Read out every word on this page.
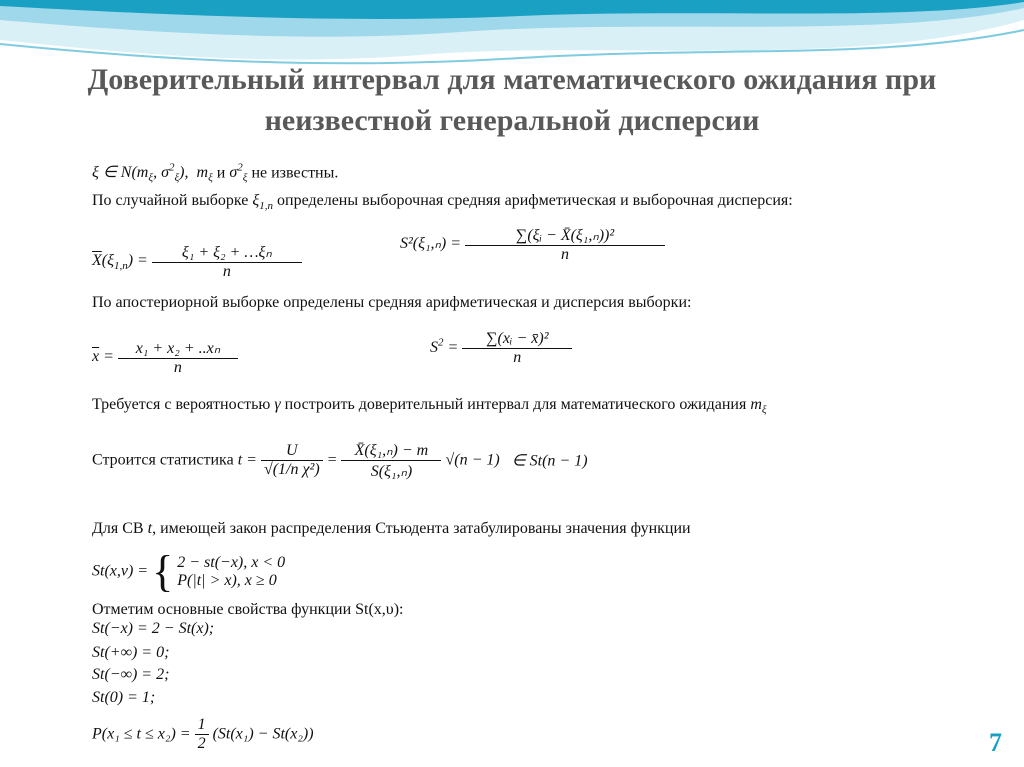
Доверительный интервал для математического ожидания при
неизвестной генеральной дисперсии
ξ ∈ $N(m_\xi$, $\sigma^2_\xi$), $m_\xi$ и $\sigma^2_\xi$ не известны.
По случайной выборке $\xi_{1,n}$ определены выборочная средняя арифметическая и выборочная дисперсия:
$\overline{X}(\xi_{1,n}) = \frac{\text{ξ₁ + ξ₂ + …ξₙ}}{n}$	$S^2(\xi_1,_n) = \frac{\text{∑(ξᵢ − X̄(ξ₁,ₙ))²}}{n}$
По апостериорной выборке определены средняя арифметическая и дисперсия выборки:
$\overline{x} = \frac{\text{x₁ + x₂ + ..xₙ}}{n}$	$S^2 = \frac{\text{∑(xᵢ − x̄)²}}{n}$
Требуется с вероятностью γ построить доверительный интервал для математического ожидания $m_\xi$
Строится статистика $t = \frac{U}{\text{√(1/n χ²)}} = \frac{\text{X̄(ξ₁,ₙ) − m}}{\text{S(ξ₁,ₙ)}} √(n - 1)$ ∈ St(n − 1)
Для СВ t, имеющей закон распределения Стьюдента затабулированы значения функции
St(x,ν) = { 2 − st(−x), x < 0
P(|t| > x), x ≥ 0
Отметим основные свойства функции St(x,υ):
St(−x) = 2 − St(x);
St(+∞) = 0;
St(−∞) = 2;
St(0) = 1;
$P(x_1 \le t \le x_2) = \frac{1}{2} (St(x_1) - St(x_2))$	7
